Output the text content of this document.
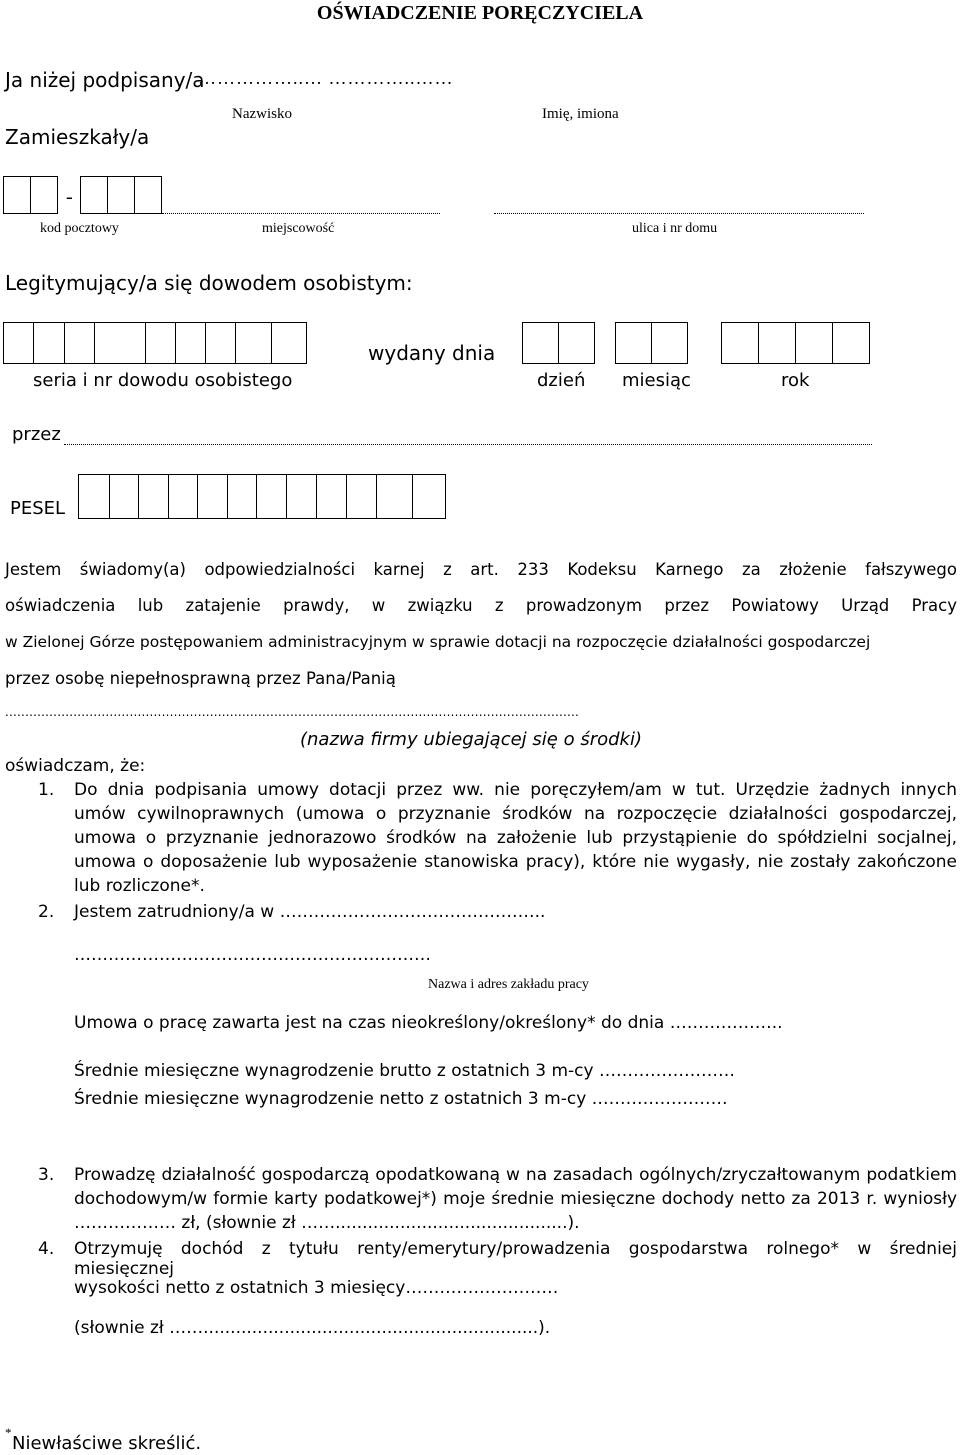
OŚWIADCZENIE PORĘCZYCIELA
Ja niżej podpisany/a
……………..… …………..……
Nazwisko	Imię, imiona
Zamieszkały/a
-
kod pocztowy	miejscowość	ulica i nr domu
Legitymujący/a się dowodem osobistym:
wydany dnia
seria i nr dowodu osobistego	dzień miesiąc	rok
przez
PESEL
Jestem świadomy(a) odpowiedzialności karnej z art. 233 Kodeksu Karnego za złożenie fałszywego
oświadczenia lub zatajenie prawdy, w związku z prowadzonym przez Powiatowy Urząd Pracy
w Zielonej Górze postępowaniem administracyjnym w sprawie dotacji na rozpoczęcie działalności gospodarczej
przez osobę niepełnosprawną przez Pana/Panią
...............................................................................................................................................
(nazwa firmy ubiegającej się o środki)
oświadczam, że:
1. Do dnia podpisania umowy dotacji przez ww. nie poręczyłem/am w tut. Urzędzie żadnych innych
umów cywilnoprawnych (umowa o przyznanie środków na rozpoczęcie działalności gospodarczej,
umowa o przyznanie jednorazowo środków na założenie lub przystąpienie do spółdzielni socjalnej,
umowa o doposażenie lub wyposażenie stanowiska pracy), które nie wygasły, nie zostały zakończone
lub rozliczone*.
2. Jestem zatrudniony/a w ………………………………………..
………………………………………………………
Nazwa i adres zakładu pracy
Umowa o pracę zawarta jest na czas nieokreślony/określony* do dnia ………………..
Średnie miesięczne wynagrodzenie brutto z ostatnich 3 m-cy ……………………
Średnie miesięczne wynagrodzenie netto z ostatnich 3 m-cy ……………………
3. Prowadzę działalność gospodarczą opodatkowaną w na zasadach ogólnych/zryczałtowanym podatkiem
dochodowym/w formie karty podatkowej*) moje średnie miesięczne dochody netto za 2013 r. wyniosły
……………… zł, (słownie zł ……...........................................).
4. Otrzymuję dochód z tytułu renty/emerytury/prowadzenia gospodarstwa rolnego* w średniej miesięcznej
wysokości netto z ostatnich 3 miesięcy………………………
(słownie zł ……..............................................................).
*
Niewłaściwe skreślić.
